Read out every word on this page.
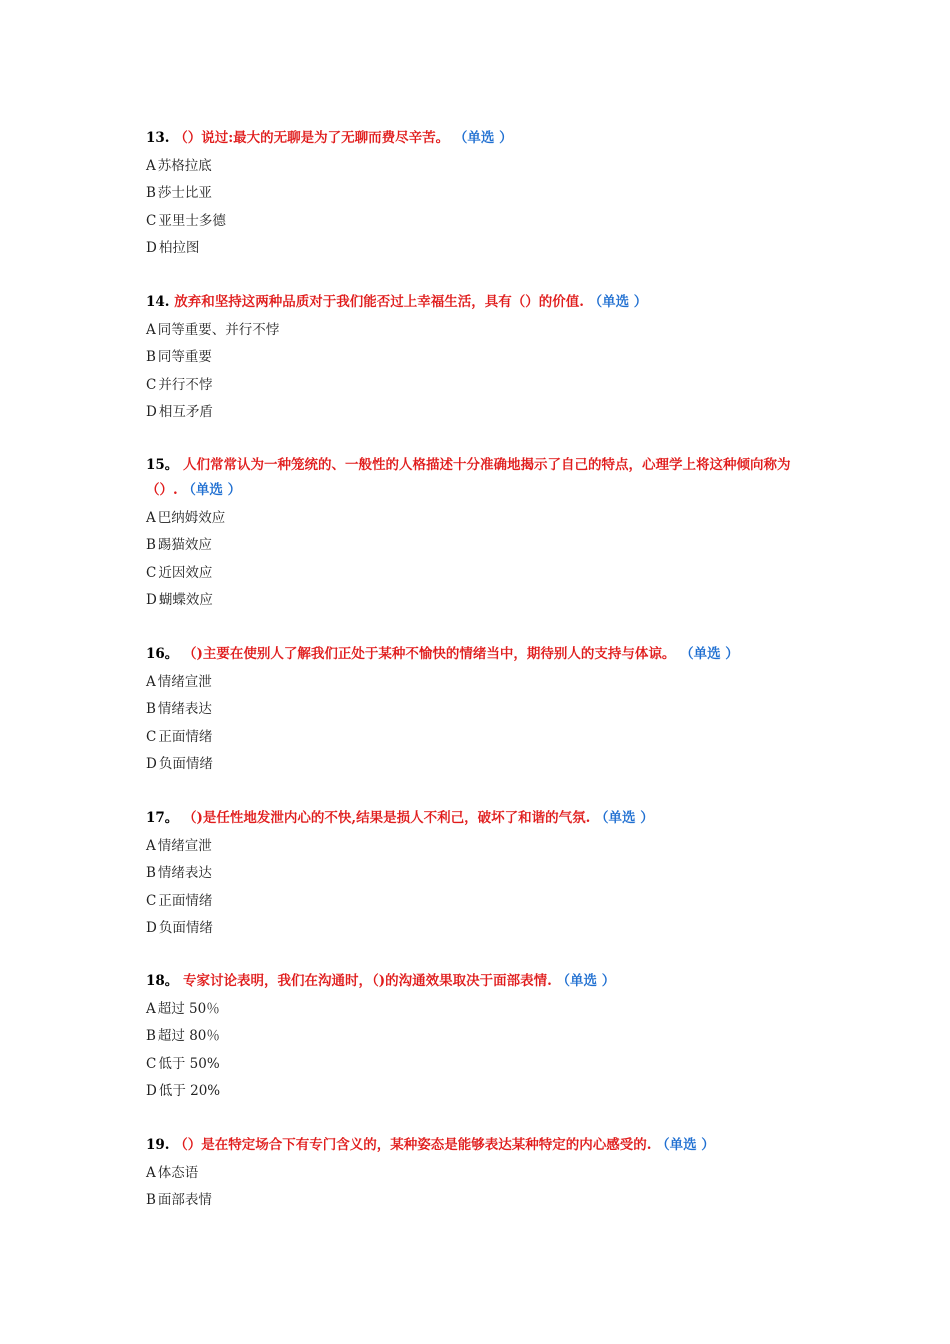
13. （）说过:最大的无聊是为了无聊而费尽辛苦。 （单选 ）
A 苏格拉底
B 莎士比亚
C 亚里士多德
D 柏拉图
14. 放弃和坚持这两种品质对于我们能否过上幸福生活，具有（）的价值. （单选 ）
A 同等重要、并行不悖
B 同等重要
C 并行不悖
D 相互矛盾
15。 人们常常认为一种笼统的、一般性的人格描述十分准确地揭示了自己的特点，心理学上将这种倾向称为（）. （单选 ）
A 巴纳姆效应
B 踢猫效应
C 近因效应
D 蝴蝶效应
16。 （)主要在使别人了解我们正处于某种不愉快的情绪当中，期待别人的支持与体谅。 （单选 ）
A 情绪宣泄
B 情绪表达
C 正面情绪
D 负面情绪
17。 （)是任性地发泄内心的不快,结果是损人不利己，破坏了和谐的气氛. （单选 ）
A 情绪宣泄
B 情绪表达
C 正面情绪
D 负面情绪
18。 专家讨论表明，我们在沟通时，（)的沟通效果取决于面部表情. （单选 ）
A 超过 50％
B 超过 80％
C 低于 50%
D 低于 20%
19. （）是在特定场合下有专门含义的，某种姿态是能够表达某种特定的内心感受的. （单选 ）
A 体态语
B 面部表情
